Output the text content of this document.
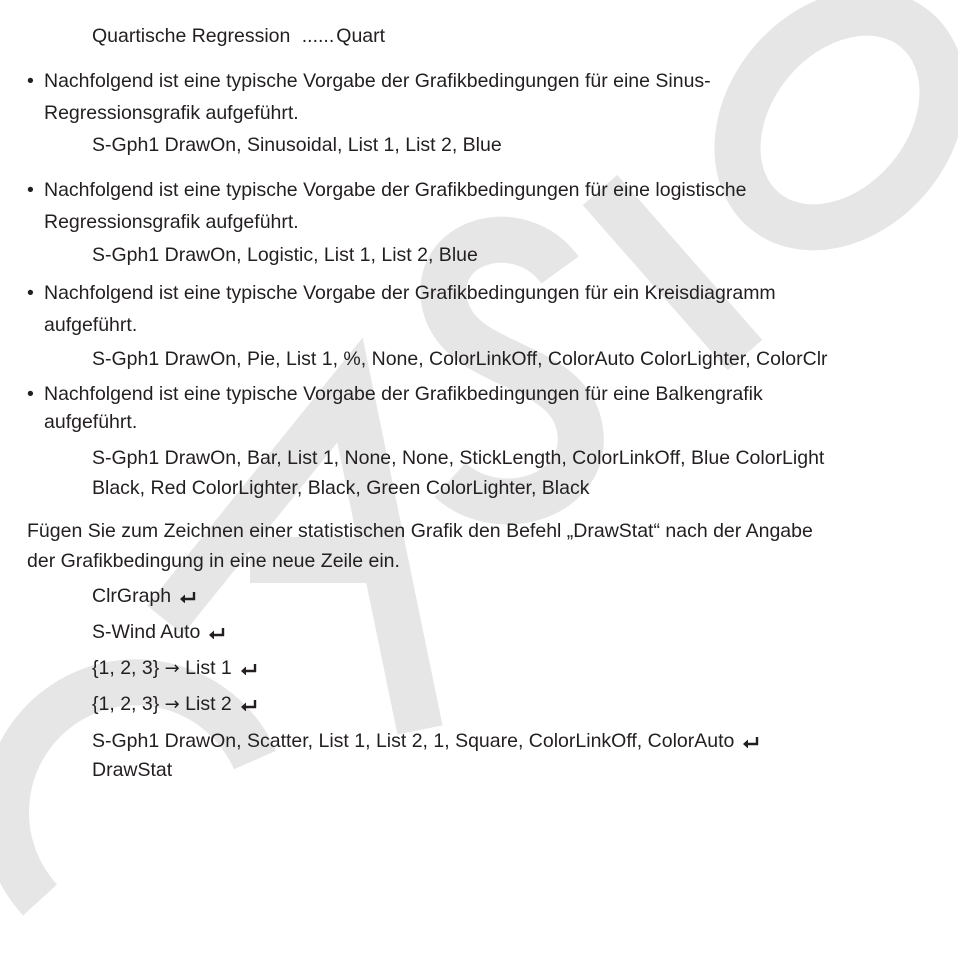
Quartische Regression ...... Quart
• Nachfolgend ist eine typische Vorgabe der Grafikbedingungen für eine Sinus-
Regressionsgrafik aufgeführt.
S-Gph1 DrawOn, Sinusoidal, List 1, List 2, Blue
• Nachfolgend ist eine typische Vorgabe der Grafikbedingungen für eine logistische
Regressionsgrafik aufgeführt.
S-Gph1 DrawOn, Logistic, List 1, List 2, Blue
• Nachfolgend ist eine typische Vorgabe der Grafikbedingungen für ein Kreisdiagramm
aufgeführt.
S-Gph1 DrawOn, Pie, List 1, %, None, ColorLinkOff, ColorAuto ColorLighter, ColorClr
• Nachfolgend ist eine typische Vorgabe der Grafikbedingungen für eine Balkengrafik
aufgeführt.
S-Gph1 DrawOn, Bar, List 1, None, None, StickLength, ColorLinkOff, Blue ColorLight
Black, Red ColorLighter, Black, Green ColorLighter, Black
Fügen Sie zum Zeichnen einer statistischen Grafik den Befehl „DrawStat“ nach der Angabe
der Grafikbedingung in eine neue Zeile ein.
ClrGraph
S-Wind Auto
{1, 2, 3} → List 1
{1, 2, 3} → List 2
S-Gph1 DrawOn, Scatter, List 1, List 2, 1, Square, ColorLinkOff, ColorAuto
DrawStat
